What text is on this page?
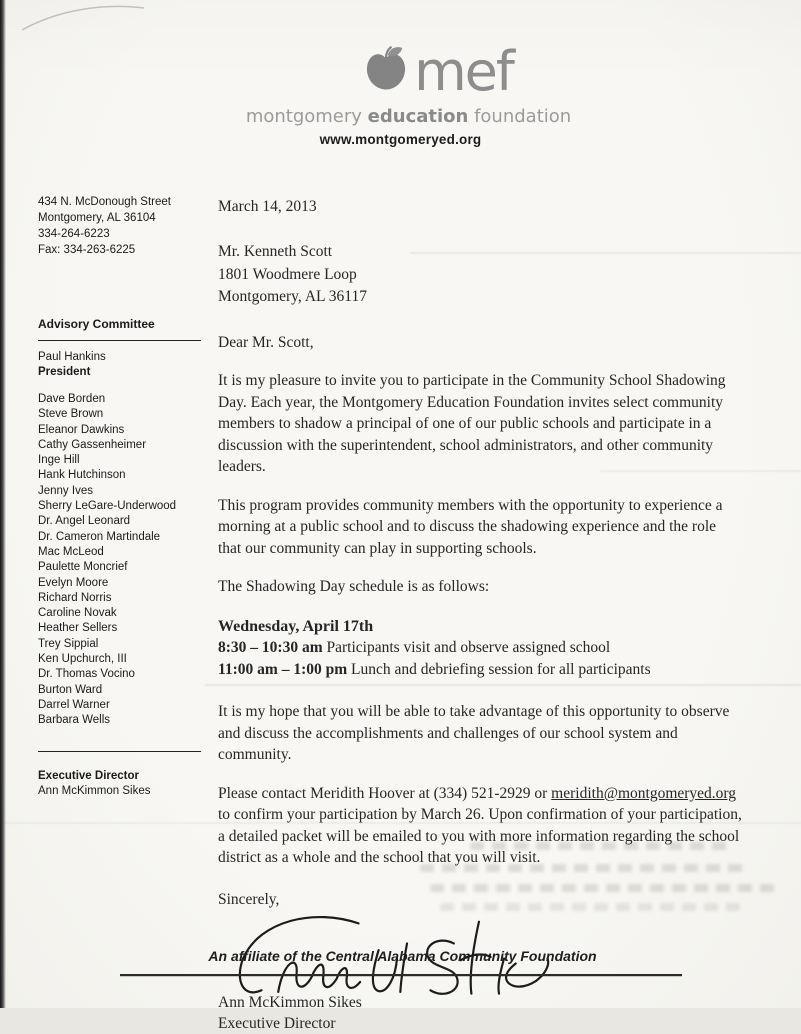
mef
montgomery education foundation
www.montgomeryed.org
434 N. McDonough Street
Montgomery, AL 36104
334-264-6223
Fax: 334-263-6225
Advisory Committee
Paul Hankins
President
Dave Borden
Steve Brown
Eleanor Dawkins
Cathy Gassenheimer
Inge Hill
Hank Hutchinson
Jenny Ives
Sherry LeGare-Underwood
Dr. Angel Leonard
Dr. Cameron Martindale
Mac McLeod
Paulette Moncrief
Evelyn Moore
Richard Norris
Caroline Novak
Heather Sellers
Trey Sippial
Ken Upchurch, III
Dr. Thomas Vocino
Burton Ward
Darrel Warner
Barbara Wells
Executive Director
Ann McKimmon Sikes
March 14, 2013
Mr. Kenneth Scott
1801 Woodmere Loop
Montgomery, AL 36117
Dear Mr. Scott,

It is my pleasure to invite you to participate in the Community School Shadowing Day. Each year, the Montgomery Education Foundation invites select community members to shadow a principal of one of our public schools and participate in a discussion with the superintendent, school administrators, and other community leaders.

This program provides community members with the opportunity to experience a morning at a public school and to discuss the shadowing experience and the role that our community can play in supporting schools.

The Shadowing Day schedule is as follows:

Wednesday, April 17th
8:30 – 10:30 am Participants visit and observe assigned school
11:00 am – 1:00 pm Lunch and debriefing session for all participants

It is my hope that you will be able to take advantage of this opportunity to observe and discuss the accomplishments and challenges of our school system and community.

Please contact Meridith Hoover at (334) 521-2929 or meridith@montgomeryed.org to confirm your participation by March 26. Upon confirmation of your participation, a detailed packet will be emailed to you with more information regarding the school district as a whole and the school that you will visit.

Sincerely,
Ann McKimmon Sikes
Executive Director
An affiliate of the Central Alabama Community Foundation
